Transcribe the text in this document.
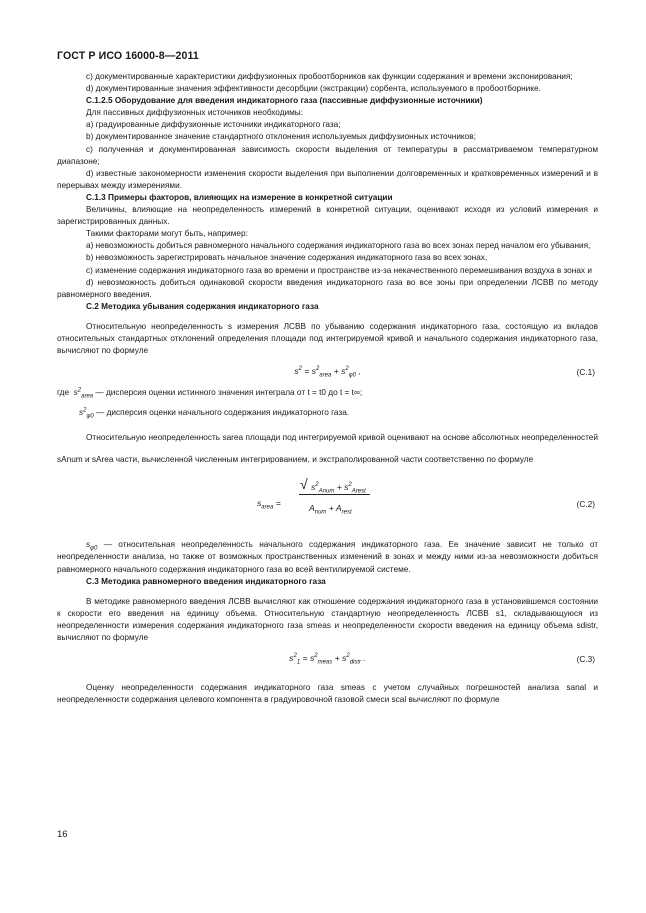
ГОСТ Р ИСО 16000-8—2011

c) документированные характеристики диффузионных пробоотборников как функции содержания и времени экспонирования;

d) документированные значения эффективности десорбции (экстракции) сорбента, используемого в пробоотборнике.

C.1.2.5 Оборудование для введения индикаторного газа (пассивные диффузионные источники)

Для пассивных диффузионных источников необходимы:

a) градуированные диффузионные источники индикаторного газа;

b) документированное значение стандартного отклонения используемых диффузионных источников;

c) полученная и документированная зависимость скорости выделения от температуры в рассматриваемом температурном диапазоне;

d) известные закономерности изменения скорости выделения при выполнении долговременных и кратковременных измерений и в перерывах между измерениями.

C.1.3 Примеры факторов, влияющих на измерение в конкретной ситуации

Величины, влияющие на неопределенность измерений в конкретной ситуации, оценивают исходя из условий измерения и зарегистрированных данных.

Такими факторами могут быть, например:

a) невозможность добиться равномерного начального содержания индикаторного газа во всех зонах перед началом его убывания,

b) невозможность зарегистрировать начальное значение содержания индикаторного газа во всех зонах,

c) изменение содержания индикаторного газа во времени и пространстве из-за некачественного перемешивания воздуха в зонах и

d) невозможность добиться одинаковой скорости введения индикаторного газа во все зоны при определении ЛСВВ по методу равномерного введения.

C.2 Методика убывания содержания индикаторного газа

Относительную неопределенность s измерения ЛСВВ по убыванию содержания индикаторного газа, состоящую из вкладов относительных стандартных отклонений определения площади под интегрируемой кривой и начального содержания индикаторного газа, вычисляют по формуле

$s^2 = s^2_{area} + s^2_{\varphi 0}$ ,	(C.1)

где $s^2_{area}$ — дисперсия оценки истинного значения интеграла от t = t0 до t = t∞;

$s^2_{\varphi 0}$ — дисперсия оценки начального содержания индикаторного газа.

Относительную неопределенность sarea площади под интегрируемой кривой оценивают на основе абсолютных неопределенностей sAnum и sArea части, вычисленной численным интегрированием, и экстраполированной части соответственно по формуле

$s_{area}$ =
√ $s^2_{Anum} + s^2_{Arest}$
$A_{num} + A_{rest}$
(C.2)

$s_{\varphi 0}$ — относительная неопределенность начального содержания индикаторного газа. Ее значение зависит не только от неопределенности анализа, но также от возможных пространственных изменений в зонах и между ними из-за невозможности добиться равномерного начального содержания индикаторного газа во всей вентилируемой системе.

C.3 Методика равномерного введения индикаторного газа

В методике равномерного введения ЛСВВ вычисляют как отношение содержания индикаторного газа в установившемся состоянии к скорости его введения на единицу объема. Относительную стандартную неопределенность ЛСВВ s1, складывающуюся из неопределенности измерения содержания индикаторного газа smeas и неопределенности скорости введения на единицу объема sdistr, вычисляют по формуле

$s^2_1 = s^2_{meas} + s^2_{distr}$ .	(C.3)

Оценку неопределенности содержания индикаторного газа smeas с учетом случайных погрешностей анализа sanal и неопределенности содержания целевого компонента в градуировочной газовой смеси scal вычисляют по формуле

16
